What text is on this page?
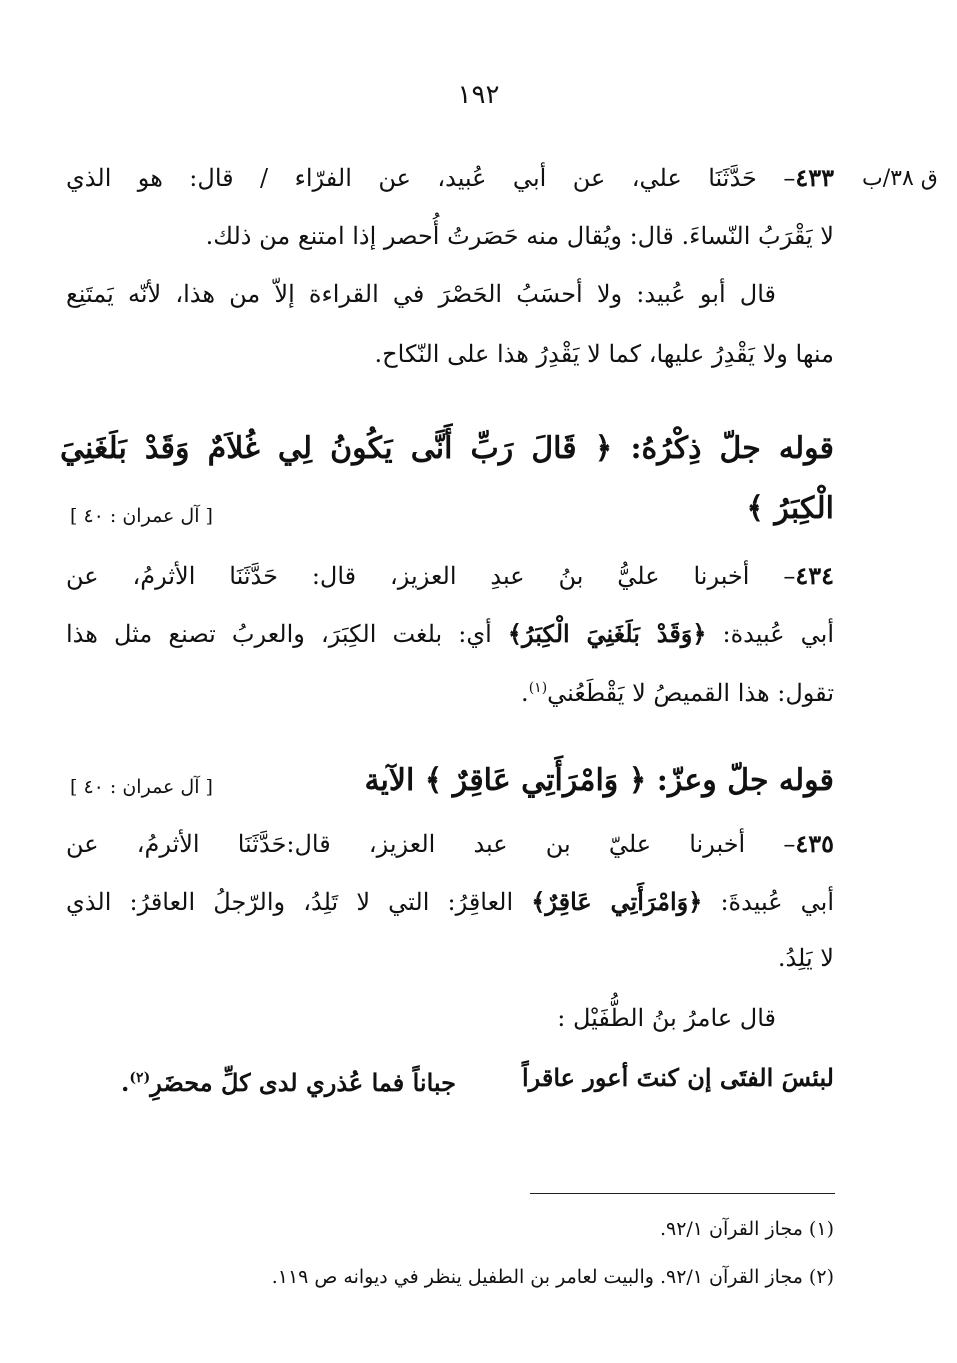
١٩٢
ق ٣٨/ب
٤٣٣– حَدَّثَنَا علي، عن أبي عُبيد، عن الفرّاء / قال: هو الذي
لا يَقْرَبُ النّساءَ. قال: ويُقال منه حَصَرتُ أُحصر إذا امتنع من ذلك.
قال أبو عُبيد: ولا أحسَبُ الحَصْرَ في القراءة إلاّ من هذا، لأنّه يَمتَنِع
منها ولا يَقْدِرُ عليها، كما لا يَقْدِرُ هذا على النّكاح.
قوله جلّ ذِكْرُهُ: ﴿ قَالَ رَبِّ أَنَّى يَكُونُ لِي غُلاَمٌ وَقَدْ بَلَغَنِيَ
الْكِبَرُ ﴾
[ آل عمران : ٤٠ ]
٤٣٤– أخبرنا عليُّ بنُ عبدِ العزيز، قال: حَدَّثَنَا الأثرمُ، عن
أبي عُبيدة: ﴿وَقَدْ بَلَغَنِيَ الْكِبَرُ﴾ أي: بلغت الكِبَرَ، والعربُ تصنع مثل هذا
تقول: هذا القميصُ لا يَقْطَعُني$^{(١)}$.
قوله جلّ وعزّ: ﴿ وَامْرَأَتِي عَاقِرٌ ﴾ الآية
[ آل عمران : ٤٠ ]
٤٣٥– أخبرنا عليّ بن عبد العزيز، قال:حَدَّثَنَا الأثرمُ، عن
أبي عُبيدةَ: ﴿وَامْرَأَتِي عَاقِرٌ﴾ العاقِرُ: التي لا تَلِدُ، والرّجلُ العاقرُ: الذي
لا يَلِدُ.
قال عامرُ بنُ الطُّفَيْل :
لبئسَ الفتَى إن كنتَ أعور عاقراً
جباناً فما عُذري لدى كلِّ محضَرِ$^{(٢)}$.
(١) مجاز القرآن ٩٢/١.
(٢) مجاز القرآن ٩٢/١. والبيت لعامر بن الطفيل ينظر في ديوانه ص ١١٩.
